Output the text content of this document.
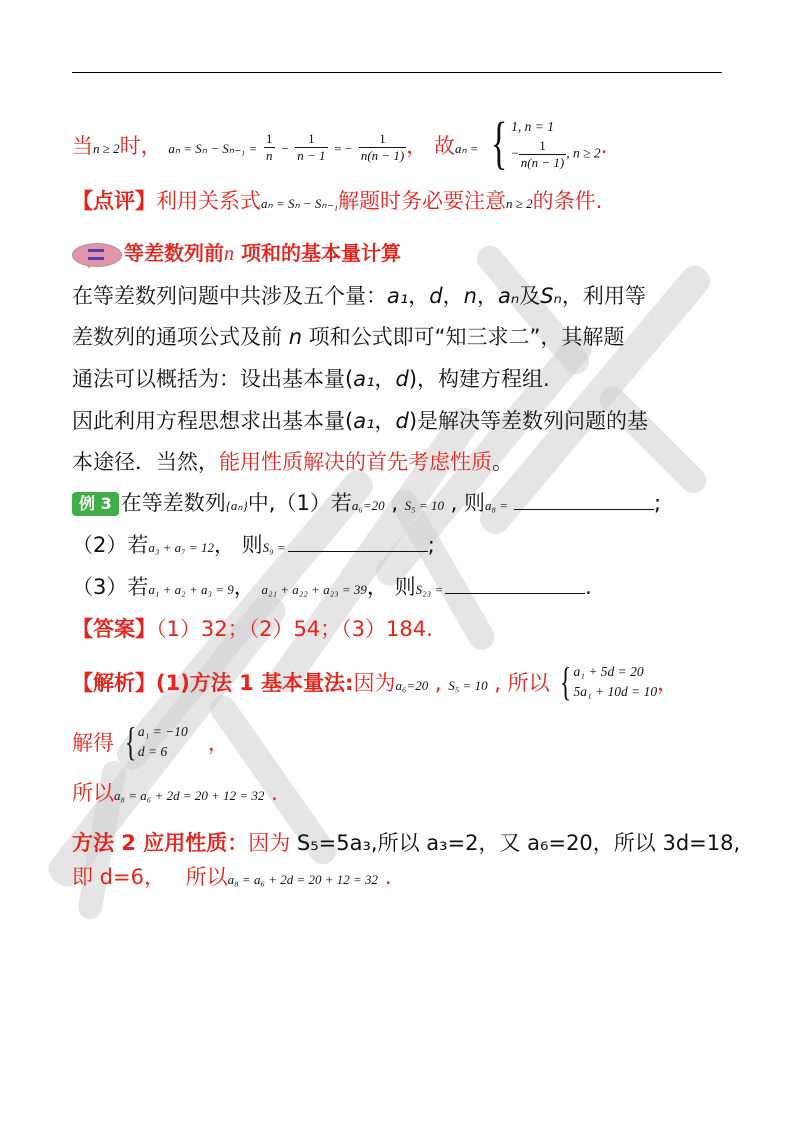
当n ≥ 2时， $a_n = S_n - S_{n-1} = \frac{1}{n} - \frac{1}{n - 1}$ = − $\frac{1}{n(n - 1)}$ ， 故aₙ = { 1, n = 1
− $\frac{1}{n(n - 1)}$ , n ≥ 2 .
【点评】利用关系式aₙ = Sₙ − Sₙ₋₁解题时务必要注意n ≥ 2的条件.
等差数列前n 项和的基本量计算
在等差数列问题中共涉及五个量：a₁，d，n，aₙ及Sₙ，利用等
差数列的通项公式及前 n 项和公式即可“知三求二”，其解题
通法可以概括为：设出基本量(a₁，d)，构建方程组.
因此利用方程思想求出基本量(a₁，d)是解决等差数列问题的基
本途径．当然，能用性质解决的首先考虑性质。
例 3 在等差数列{aₙ}中,（1）若a₆=20 , S₅ = 10 , 则a₈ =	;
（2）若a₃ + a₇ = 12， 则S₉ =	;
（3）若a₁ + a₂ + a₃ = 9， a₂₁ + a₂₂ + a₂₃ = 39， 则S₂₃ =	.
【答案】（1）32；（2）54；（3）184.
【解析】(1)方法 1 基本量法:因为a₆=20 , S₅ = 10 , 所以 { a₁ + 5d = 20
5a₁ + 10d = 10 ，
解得 { a₁ = −10
d = 6	，
所以a₈ = a₆ + 2d = 20 + 12 = 32 .
方法 2 应用性质：因为 S₅=5a₃,所以 a₃=2，又 a₆=20，所以 3d=18,
即 d=6， 所以a₈ = a₆ + 2d = 20 + 12 = 32 .
